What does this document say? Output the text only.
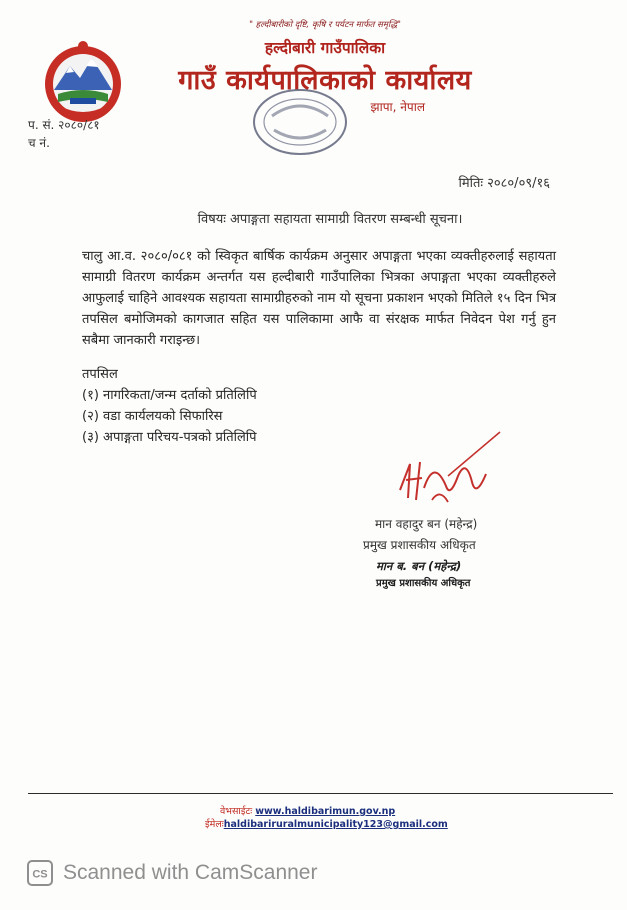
" हल्दीबारीको दृष्टि, कृषि र पर्यटन मार्फत समृद्धि"
हल्दीबारी गाउँपालिका
गाउँ कार्यपालिकाको कार्यालय
झापा, नेपाल
प. सं. २०८०/८१
च नं.
मितिः २०८०/०९/१६
विषयः अपाङ्गता सहायता सामाग्री वितरण सम्बन्धी सूचना।
चालु आ.व. २०८०/०८१ को स्विकृत बार्षिक कार्यक्रम अनुसार अपाङ्गता भएका व्यक्तीहरुलाई सहायता सामाग्री वितरण कार्यक्रम अन्तर्गत यस हल्दीबारी गाउँपालिका भित्रका अपाङ्गता भएका व्यक्तीहरुले आफुलाई चाहिने आवश्यक सहायता सामाग्रीहरुको नाम यो सूचना प्रकाशन भएको मितिले १५ दिन भित्र तपसिल बमोजिमको कागजात सहित यस पालिकामा आफै वा संरक्षक मार्फत निवेदन पेश गर्नु हुन सबैमा जानकारी गराइन्छ।
तपसिल
(१) नागरिकता/जन्म दर्ताको प्रतिलिपि
(२) वडा कार्यलयको सिफारिस
(३) अपाङ्गता परिचय-पत्रको प्रतिलिपि
मान वहादुर बन (महेन्द्र)
प्रमुख प्रशासकीय अधिकृत
मान ब. बन (महेन्द्र)
प्रमुख प्रशासकीय अधिकृत
वेभसाईटः www.haldibarimun.gov.np
ईमेलःhaldibariruralmunicipality123@gmail.com
CS Scanned with CamScanner
